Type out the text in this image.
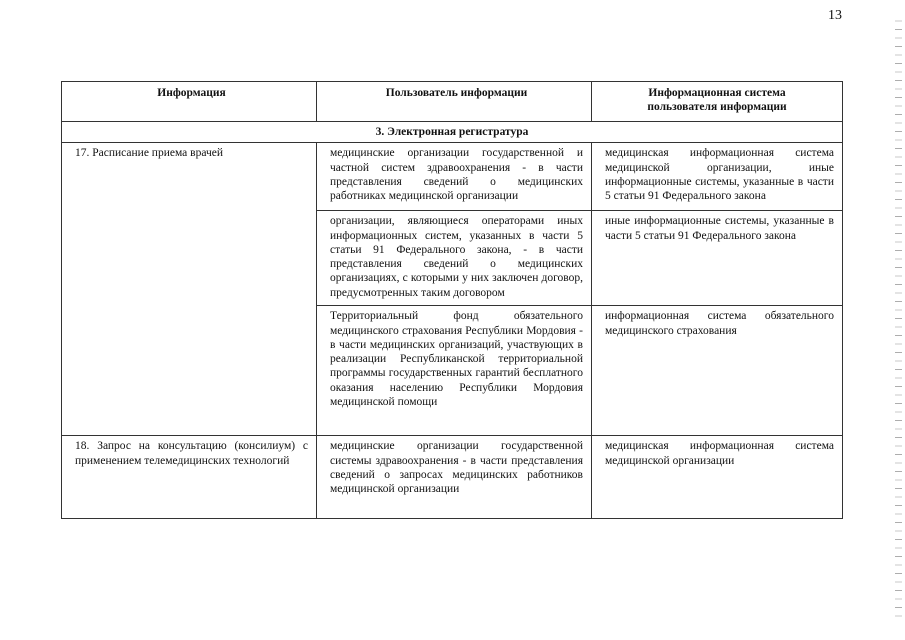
13
Информация	Пользователь информации	Информационная система пользователя информации
3. Электронная регистратура		
17. Расписание приема врачей	медицинские организации государственной и частной систем здравоохранения - в части представления сведений о медицинских работниках медицинской организации	медицинская информационная система медицинской организации, иные информационные системы, указанные в части 5 статьи 91 Федерального закона
	организации, являющиеся операторами иных информационных систем, указанных в части 5 статьи 91 Федерального закона, - в части представления сведений о медицинских организациях, с которыми у них заключен договор, предусмотренных таким договором	иные информационные системы, указанные в части 5 статьи 91 Федерального закона
	Территориальный фонд обязательного медицинского страхования Республики Мордовия - в части медицинских организаций, участвующих в реализации Республиканской территориальной программы государственных гарантий бесплатного оказания населению Республики Мордовия медицинской помощи	информационная система обязательного медицинского страхования
18. Запрос на консультацию (консилиум) с применением телемедицинских технологий	медицинские организации государственной системы здравоохранения - в части представления сведений о запросах медицинских работников медицинской организации	медицинская информационная система медицинской организации
